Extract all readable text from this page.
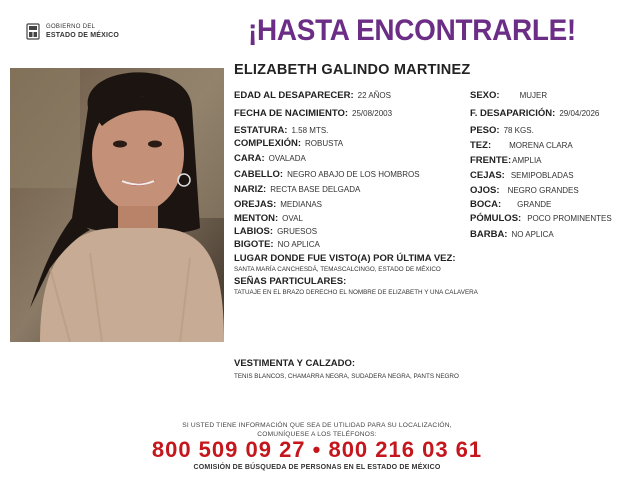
GOBIERNO DEL
ESTADO DE MÉXICO	¡HASTA ENCONTRARLE!
ELIZABETH GALINDO MARTINEZ
EDAD AL DESAPARECER: 22 AÑOS
FECHA DE NACIMIENTO: 25/08/2003
ESTATURA: 1.58 MTS.
COMPLEXIÓN: ROBUSTA
CARA: OVALADA
CABELLO: NEGRO ABAJO DE LOS HOMBROS
NARIZ: RECTA BASE DELGADA
OREJAS: MEDIANAS
MENTON: OVAL
LABIOS: GRUESOS
BIGOTE: NO APLICA
SEXO:	MUJER
F. DESAPARICIÓN: 29/04/2026
PESO: 78 KGS.
TEZ: MORENA CLARA
FRENTE:AMPLIA
CEJAS: SEMIPOBLADAS
OJOS: NEGRO GRANDES
BOCA: GRANDE
PÓMULOS: POCO PROMINENTES
BARBA: NO APLICA
LUGAR DONDE FUE VISTO(A) POR ÚLTIMA VEZ:
SANTA MARÍA CANCHESDÁ, TEMASCALCINGO, ESTADO DE MÉXICO
SEÑAS PARTICULARES:
TATUAJE EN EL BRAZO DERECHO EL NOMBRE DE ELIZABETH Y UNA CALAVERA
VESTIMENTA Y CALZADO:
TENIS BLANCOS, CHAMARRA NEGRA, SUDADERA NEGRA, PANTS NEGRO
SI USTED TIENE INFORMACIÓN QUE SEA DE UTILIDAD PARA SU LOCALIZACIÓN,
COMUNÍQUESE A LOS TELÉFONOS:
800 509 09 27 • 800 216 03 61
COMISIÓN DE BÚSQUEDA DE PERSONAS EN EL ESTADO DE MÉXICO
